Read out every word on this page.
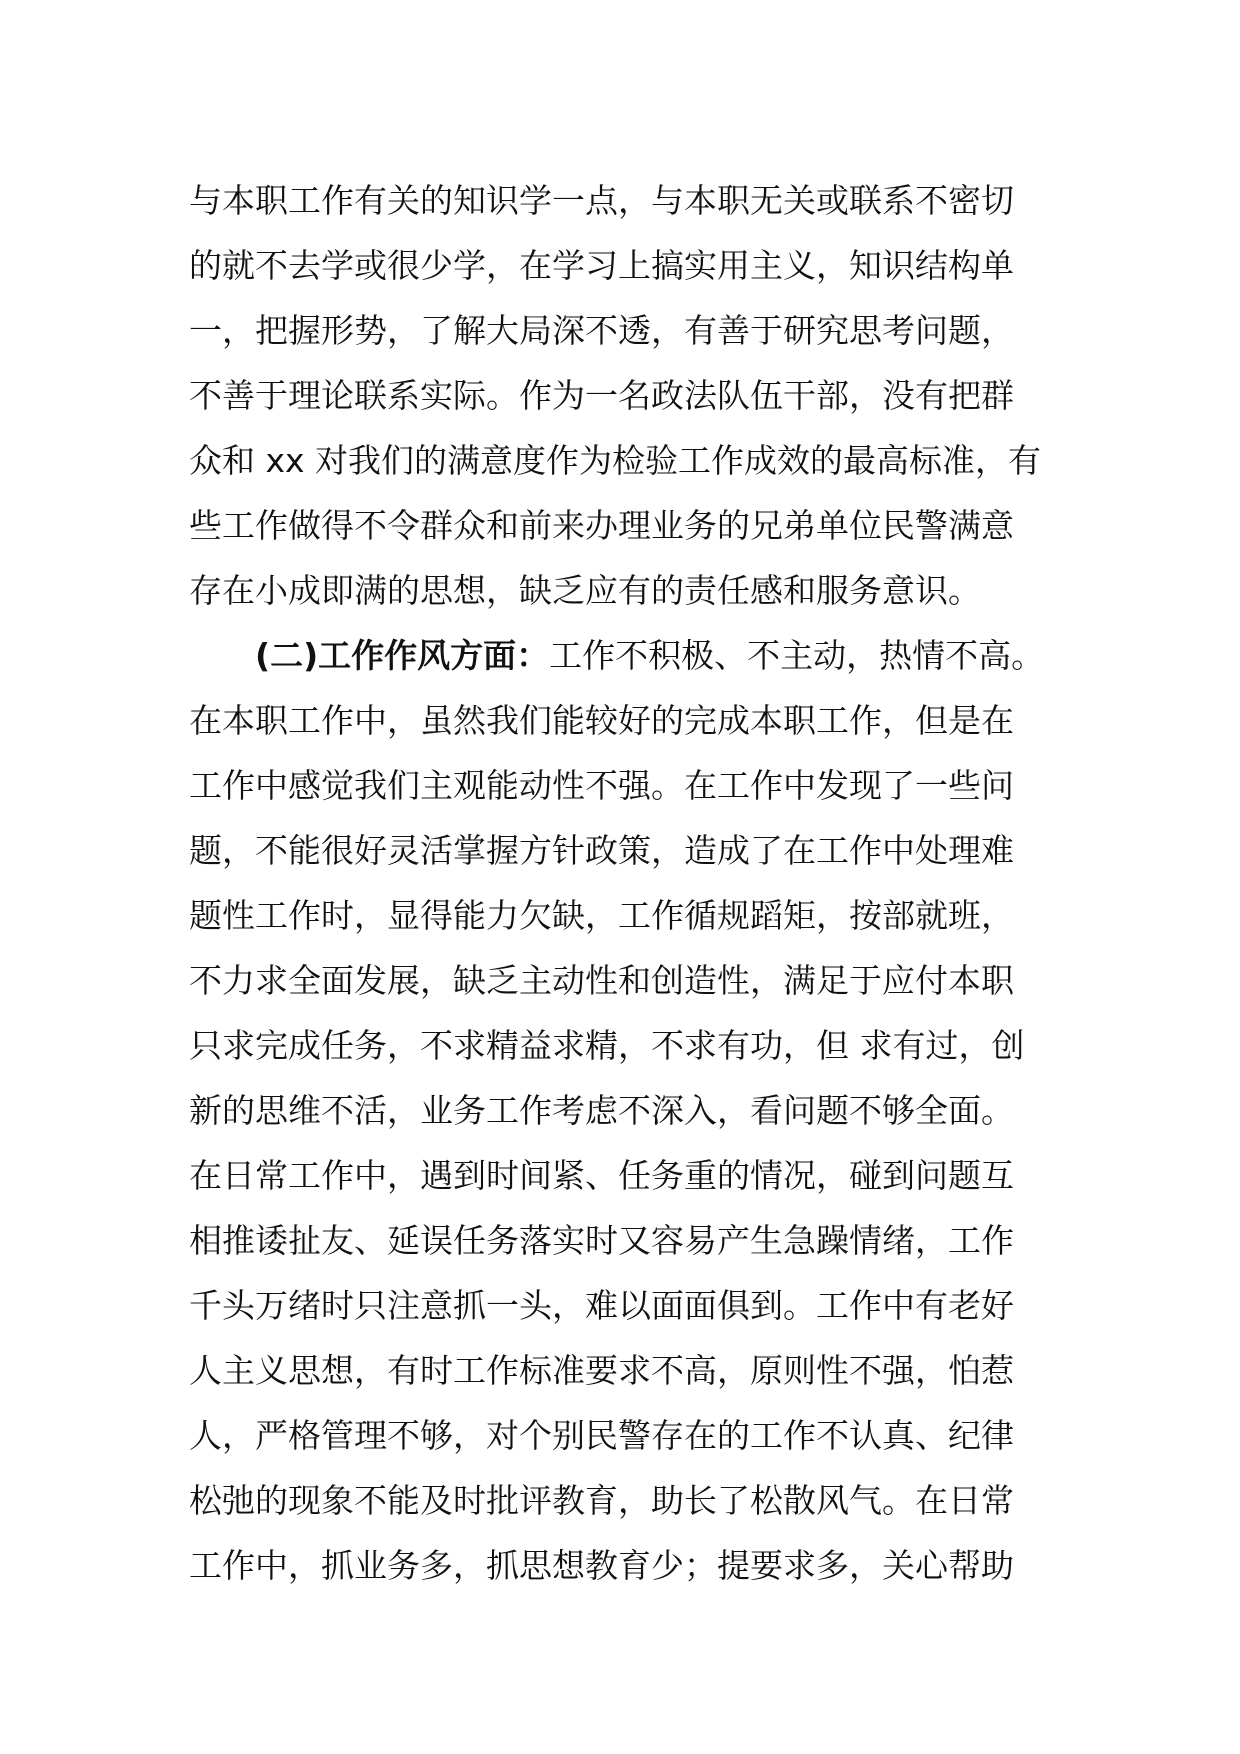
与本职工作有关的知识学一点，与本职无关或联系不密切
的就不去学或很少学，在学习上搞实用主义，知识结构单
一，把握形势，了解大局深不透，有善于研究思考问题，
不善于理论联系实际。作为一名政法队伍干部，没有把群
众和 xx 对我们的满意度作为检验工作成效的最高标准，有
些工作做得不令群众和前来办理业务的兄弟单位民警满意
存在小成即满的思想，缺乏应有的责任感和服务意识。
(二)工作作风方面：工作不积极、不主动，热情不高。
在本职工作中，虽然我们能较好的完成本职工作，但是在
工作中感觉我们主观能动性不强。在工作中发现了一些问
题，不能很好灵活掌握方针政策，造成了在工作中处理难
题性工作时，显得能力欠缺，工作循规蹈矩，按部就班，
不力求全面发展，缺乏主动性和创造性，满足于应付本职
只求完成任务，不求精益求精，不求有功，但 求有过，创
新的思维不活，业务工作考虑不深入，看问题不够全面。
在日常工作中，遇到时间紧、任务重的情况，碰到问题互
相推诿扯友、延误任务落实时又容易产生急躁情绪，工作
千头万绪时只注意抓一头，难以面面俱到。工作中有老好
人主义思想，有时工作标准要求不高，原则性不强，怕惹
人，严格管理不够，对个别民警存在的工作不认真、纪律
松弛的现象不能及时批评教育，助长了松散风气。在日常
工作中，抓业务多，抓思想教育少；提要求多，关心帮助
